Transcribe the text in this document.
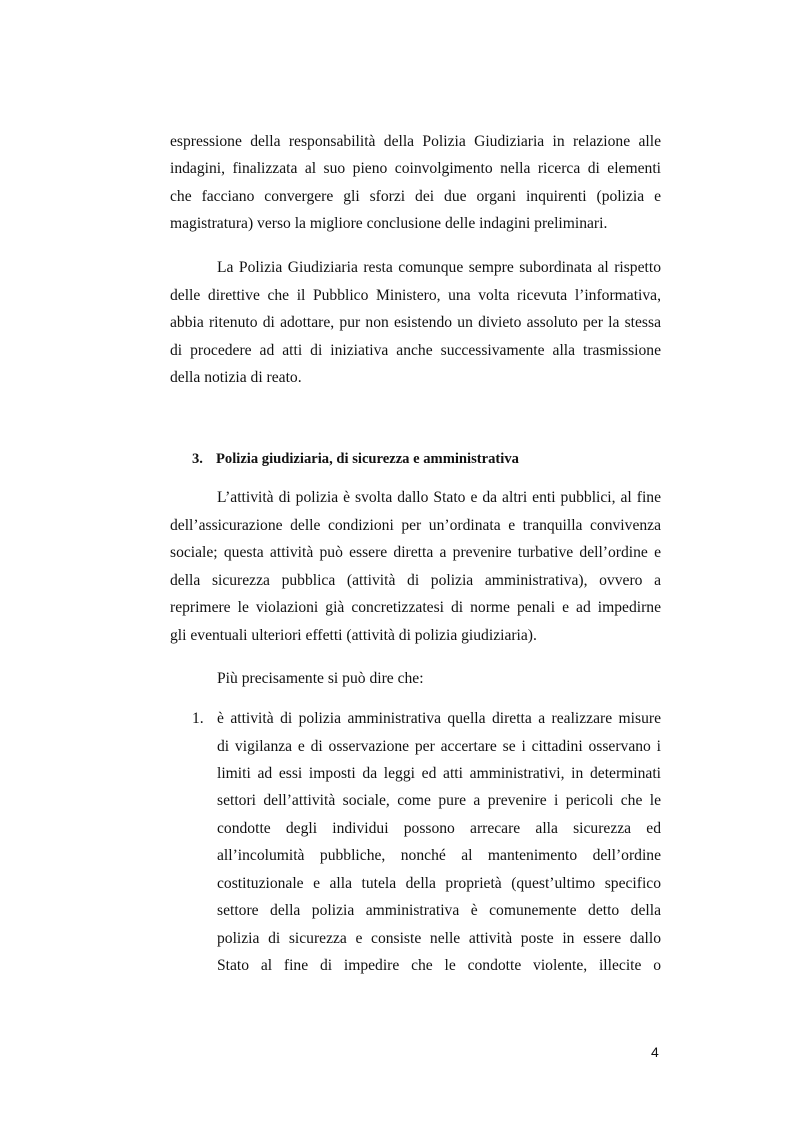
espressione della responsabilità della Polizia Giudiziaria in relazione alle
indagini, finalizzata al suo pieno coinvolgimento nella ricerca di elementi
che facciano convergere gli sforzi dei due organi inquirenti (polizia e
magistratura) verso la migliore conclusione delle indagini preliminari.
La Polizia Giudiziaria resta comunque sempre subordinata al rispetto
delle direttive che il Pubblico Ministero, una volta ricevuta l’informativa,
abbia ritenuto di adottare, pur non esistendo un divieto assoluto per la stessa
di procedere ad atti di iniziativa anche successivamente alla trasmissione
della notizia di reato.
3. Polizia giudiziaria, di sicurezza e amministrativa
L’attività di polizia è svolta dallo Stato e da altri enti pubblici, al fine
dell’assicurazione delle condizioni per un’ordinata e tranquilla convivenza
sociale; questa attività può essere diretta a prevenire turbative dell’ordine e
della sicurezza pubblica (attività di polizia amministrativa), ovvero a
reprimere le violazioni già concretizzatesi di norme penali e ad impedirne
gli eventuali ulteriori effetti (attività di polizia giudiziaria).
Più precisamente si può dire che:
1. è attività di polizia amministrativa quella diretta a realizzare misure
di vigilanza e di osservazione per accertare se i cittadini osservano i
limiti ad essi imposti da leggi ed atti amministrativi, in determinati
settori dell’attività sociale, come pure a prevenire i pericoli che le
condotte degli individui possono arrecare alla sicurezza ed
all’incolumità pubbliche, nonché al mantenimento dell’ordine
costituzionale e alla tutela della proprietà (quest’ultimo specifico
settore della polizia amministrativa è comunemente detto della
polizia di sicurezza e consiste nelle attività poste in essere dallo
Stato al fine di impedire che le condotte violente, illecite o
4
